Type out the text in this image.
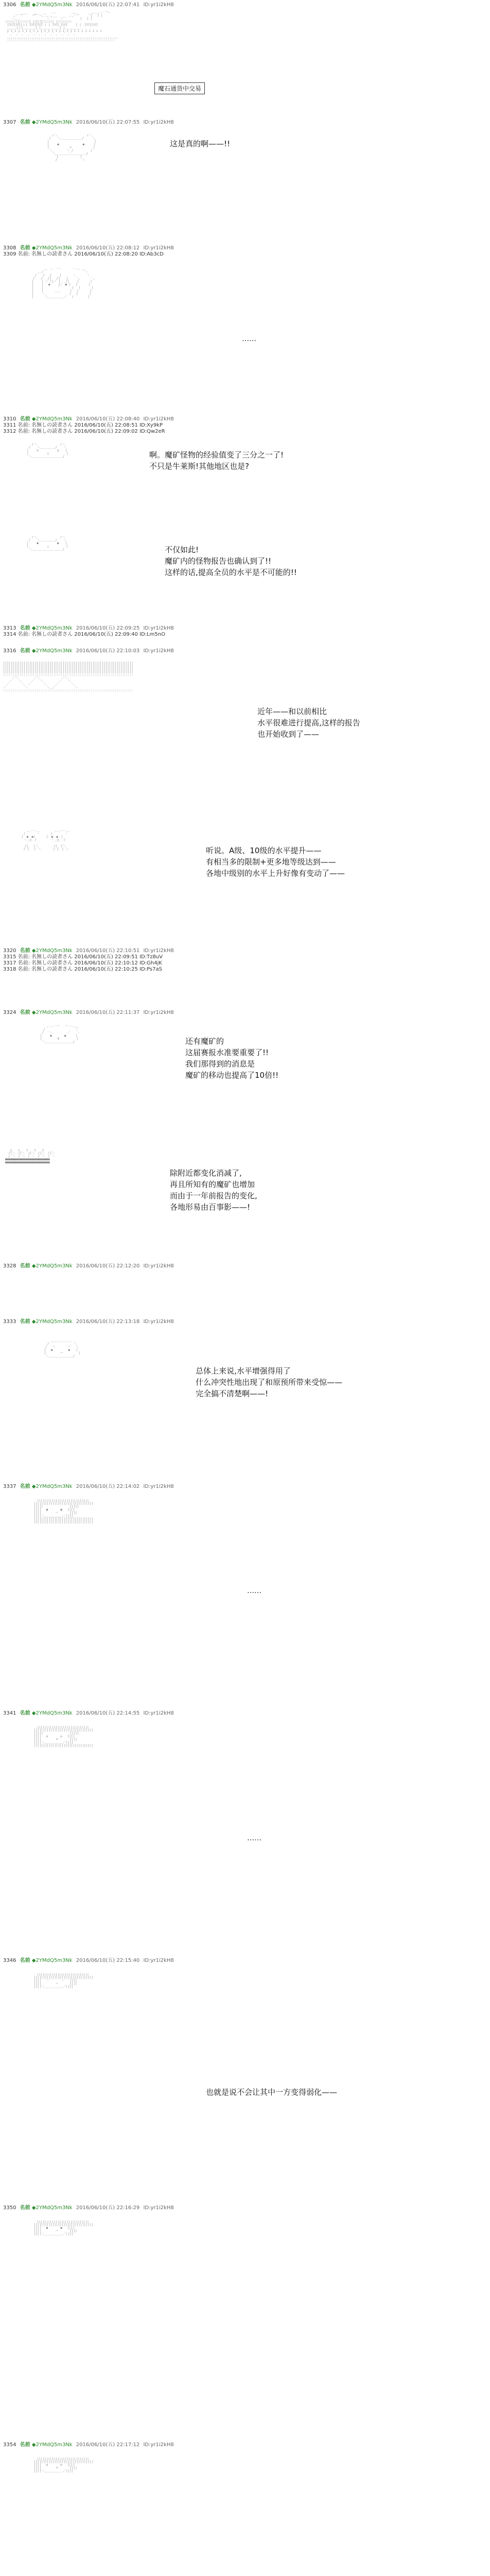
3306 名前 ◆2YMdQ5m3Nk 2016/06/10(五) 22:07:41 ID:yr1i2kH8
　　　　　 ___　 __　　__　 ,-、　　　　 .,,　　　 __,,.,--''"~
　　 ,-''"　 　 ~"''ｰ,..,.,__　　 _ ..,-'"　　　 |　 | |
　｀ヽ,,_　　 　　　 　　 ~ ゛ ゛ ~゛　　　　 |　 | |
ﾆﾆﾆﾆﾆ|ｉ|ﾆﾆﾆﾆﾆﾆ| |ﾆ[囗]ﾆﾆﾆﾆﾆﾆ| |ﾆﾆﾆﾆﾆﾆﾆﾆﾆ
[田][田]|ｉ| [田][田] | | [田]_[田]　　 | |　[田][田]
＿＿＿|ｉ|＿＿＿＿| |＿＿＿＿＿＿| |＿＿＿＿＿
i i i i i i i i i i i i i i i i i i i i i i i i i i
ﾟ ｡ ﾟ ｡ ﾟ ｡ ﾟ ｡ ﾟ ｡ ﾟ ｡ ﾟ ｡ ﾟ ｡ ﾟ ｡ ﾟ ｡ ﾟ ｡ ﾟ ｡
,,,,,,,,,,,,,,,,,,,,,,,,,,,,,,,,,,,,,,,,,,,,,,,,,,,,,,,,,,,,
::::::::::::::::::::::::::::::::::::::::::::::::::::::::::
魔石通货中交易
3307 名前 ◆2YMdQ5m3Nk 2016/06/10(五) 22:07:55 ID:yr1i2kH8
　　　 /＼　　　　　　　　　 /＼
　　 /　　＼＿＿＿＿＿＿＿/　 　＼
　　|　　　　　　　　　　　　　　 |
　　|　　 ●　　　　　　　 ●　　　|
　　|　　　　　　 ▽　　　　　　　|
　　 ＼　　　　 ＼_/　　　　　 /
　　　 ＼＿＿＿＿＿＿＿＿＿＿/
　　　　　|　　　　　　　|
　　　　 /　　　　　　　　＼
这是真的啊——!!
3308 名前 ◆2YMdQ5m3Nk 2016/06/10(五) 22:08:12 ID:yr1i2kH8
3309 名前: 名無しの読者さん 2016/06/10(五) 22:08:20 ID:Ab3cD
　　　　　　　 ,. -‐ ''"￣￣ ` ''‐- .,
　　　　　 ,.ｲ　　　　　　　　　　　　 ｀ヽ
　　　　 /　　/　 /　　 |　　　 ヽ　　　 ヽ
　　　　/　　/　 /|　 /|　　|　　 ',　　　 ',
　　　 |　　 | ／ ﾚ|／ |　 /|　　 |　　　 |
　　　 |　　 |　 ●　　 |／ ● |　 |　　　 |
　　　 |　　 |　　　　 '　　　　|　 |　　　 |
　　　 |　　 |　　　 ＿＿　　　|　 |　　　 |
　　　 |　　 ヽ　　　　　　　　/　 /　　　 |
　　　 |　　　 ＼_＿＿＿＿_／　 /　　　　 |
……
3310 名前 ◆2YMdQ5m3Nk 2016/06/10(五) 22:08:40 ID:yr1i2kH8
3311 名前: 名無しの読者さん 2016/06/10(五) 22:08:51 ID:Xy9kP
3312 名前: 名無しの読者さん 2016/06/10(五) 22:09:02 ID:Qw2eR
　　　 /＼　　　　　　　 /＼
　　 /　　＼＿＿＿＿＿/　　＼
　　|　　 ◎　　　　　　◎　　|
　　|　　　　　　○　　　　　 |
　　 ＼＿＿＿＿＿＿＿＿＿＿/	啊。魔矿怪物的经验值变了三分之一了!
不只是牛莱斯!其他地区也是?
　　　 /＼　　　　　　　 /＼
　　 /　　＼＿＿＿＿＿/　　＼
　　|　　 ●　　　　　　●　　|
　　|　　　　　　△　　　　　 |
　　 ＼＿＿＿＿＿＿＿＿＿＿/	不仅如此!
魔矿内的怪物报告也确认到了!!
这样的话,提高全员的水平是不可能的!!
3313 名前 ◆2YMdQ5m3Nk 2016/06/10(五) 22:09:25 ID:yr1i2kH8
3314 名前: 名無しの読者さん 2016/06/10(五) 22:09:40 ID:Lm5nO
3316 名前 ◆2YMdQ5m3Nk 2016/06/10(五) 22:10:03 ID:yr1i2kH8
||||||||||||||||||||||||||||||||||||||||||||||||||||||||||||||||||||||
||||||||||||||||||||||||||||||||||||||||||||||||||||||||||||||||||||||
||||||||||||||||||||||||||||||||||||||||||||||||||||||||||||||||||||||
||||||||||||||||||||||||||||||||||||||||||||||||||||||||||||||||||||||
::::::::::::::::::::::::::::::::::::::::::::::::::::::::::::::::::::::
　　　／＼　　　　　／＼　　　　　　　／＼
　　／　　＼　　　／　　＼　　　　　／　　＼
　／　　　　＼　／　　　　＼　　　／　　　　＼
／　　　　　　＼　　　　　　＼＿／　　　　　　＼
::::::::::::::::::::::::::::::::::::::::::::::::::::::::::::::::::::::
近年——和以前相比
水平很难进行提高,这样的报告
也开始收到了——
　　　 ,.-‐‐.,　　　　　,.-‐‐-.,
　　 /　　　 ヽ　　　 /　　　　ヽ
　　|　●　●|　　　 |　●　●　|
　　 ヽ　▽　/　　　 　ヽ　▽　 /
　　　 ￣￣　　　　　　　￣￣
　　　/|　 |＼　　　　　/|　|＼
　　 / |　 | ＼　　　　/ |　| ＼	听说。A级、10级的水平提升——
有相当多的限制+更多地等级达到——
各地中级别的水平上升好像有变动了——
3320 名前 ◆2YMdQ5m3Nk 2016/06/10(五) 22:10:51 ID:yr1i2kH8
3315 名前: 名無しの読者さん 2016/06/10(五) 22:09:51 ID:Tz8uV
3317 名前: 名無しの読者さん 2016/06/10(五) 22:10:12 ID:Gh4jK
3318 名前: 名無しの読者さん 2016/06/10(五) 22:10:25 ID:Ps7aS
3324 名前 ◆2YMdQ5m3Nk 2016/06/10(五) 22:11:37 ID:yr1i2kH8
　　　　　,.-‐''"￣￣"''‐-.,
　　　　/　　　　　　　　　 ＼
　　　 /　 ＼　　　　　／　　ヽ
　　　|　　 ●　　　　●　　　|
　　　|　　　　　∀　　　　　 |
　　　 ＼＿＿＿＿＿＿＿＿＿/	还有魔矿的
这届赛报水准要重要了!!
我们那得到的消息是
魔矿的移动也提高了10倍!!
　 ○　　○　　○　　○　　○
　/|＼　/|＼　/|＼　/|＼　/|＼
　/ ＼　/ ＼　/ ＼　/ ＼　/ ＼
■■■■■■■■■■■■■■■■■■■■■■■■
■■■■■■■■■■■■■■■■■■■■■■■■
除附近都变化消减了,
再且所知有的魔矿也增加
而由于一年前报告的变化,
各地形易由百事影——!
3328 名前 ◆2YMdQ5m3Nk 2016/06/10(五) 22:12:20 ID:yr1i2kH8
3333 名前 ◆2YMdQ5m3Nk 2016/06/10(五) 22:13:18 ID:yr1i2kH8
　　　　 ＿＿＿＿＿＿＿
　　　 /　　　　　　　　＼
　　　/　 ＼　　　　／　 ＼
　　 |　 ●　　　　　●　　|
　　 |　　　　 ー　　　　　|
　　　＼＿＿＿＿＿＿＿＿/
总体上来说,水平增强得用了
什么冲突性地出现了和原预所带来受惊——
完全搞不清楚啊——!
3337 名前 ◆2YMdQ5m3Nk 2016/06/10(五) 22:14:02 ID:yr1i2kH8
　　　 ||||||||||||||||||||||||||||
　　 ||||||||||||||||||||||||||||||||
　　 |||||　　　　　　　　 |||||
　　 |||| 　●　　　　●　 ||||
　　 ||||　　　　 ー　　　 ||||
　　 ||||＼＿＿＿＿＿＿／||||
　　 ||||||||||||||||||||||||||||||||
　　 ||||||||||||||||||||||||||||||||
……
3341 名前 ◆2YMdQ5m3Nk 2016/06/10(五) 22:14:55 ID:yr1i2kH8
　　　 ||||||||||||||||||||||||||||
　　 ||||||||||||||||||||||||||||||||
　　 |||||　　　　　　　　 |||||
　　 |||| 　◎　　　　◎　 ||||
　　 ||||　　　　 ロ　　　 ||||
　　 ||||＼＿＿＿＿＿＿／||||
　　 ||||||||||||||||||||||||||||||||
……
3346 名前 ◆2YMdQ5m3Nk 2016/06/10(五) 22:15:40 ID:yr1i2kH8
　　　 ||||||||||||||||||||||||||||
　　 ||||||||||||||||||||||||||||||||
　　 |||| 　－　　　　－　 ||||
　　 ||||　　　　 ー　　　 ||||
　　 ||||＼＿＿＿＿＿＿／||||
也就是说不会让其中一方变得弱化——
3350 名前 ◆2YMdQ5m3Nk 2016/06/10(五) 22:16:29 ID:yr1i2kH8
　　　 ||||||||||||||||||||||||||||
　　 ||||||||||||||||||||||||||||||||
　　 |||| 　●　　　　●　 ||||
　　 ||||　　　　 ー　　　 ||||
　　 ||||＼＿＿＿＿＿＿／||||
3354 名前 ◆2YMdQ5m3Nk 2016/06/10(五) 22:17:12 ID:yr1i2kH8
　　　 ||||||||||||||||||||||||||||
　　 ||||||||||||||||||||||||||||||||
　　 |||| 　◎　　　　◎　 ||||
　　 ||||　　　　 ロ　　　 ||||
　　 ||||＼＿＿＿＿＿＿／||||
